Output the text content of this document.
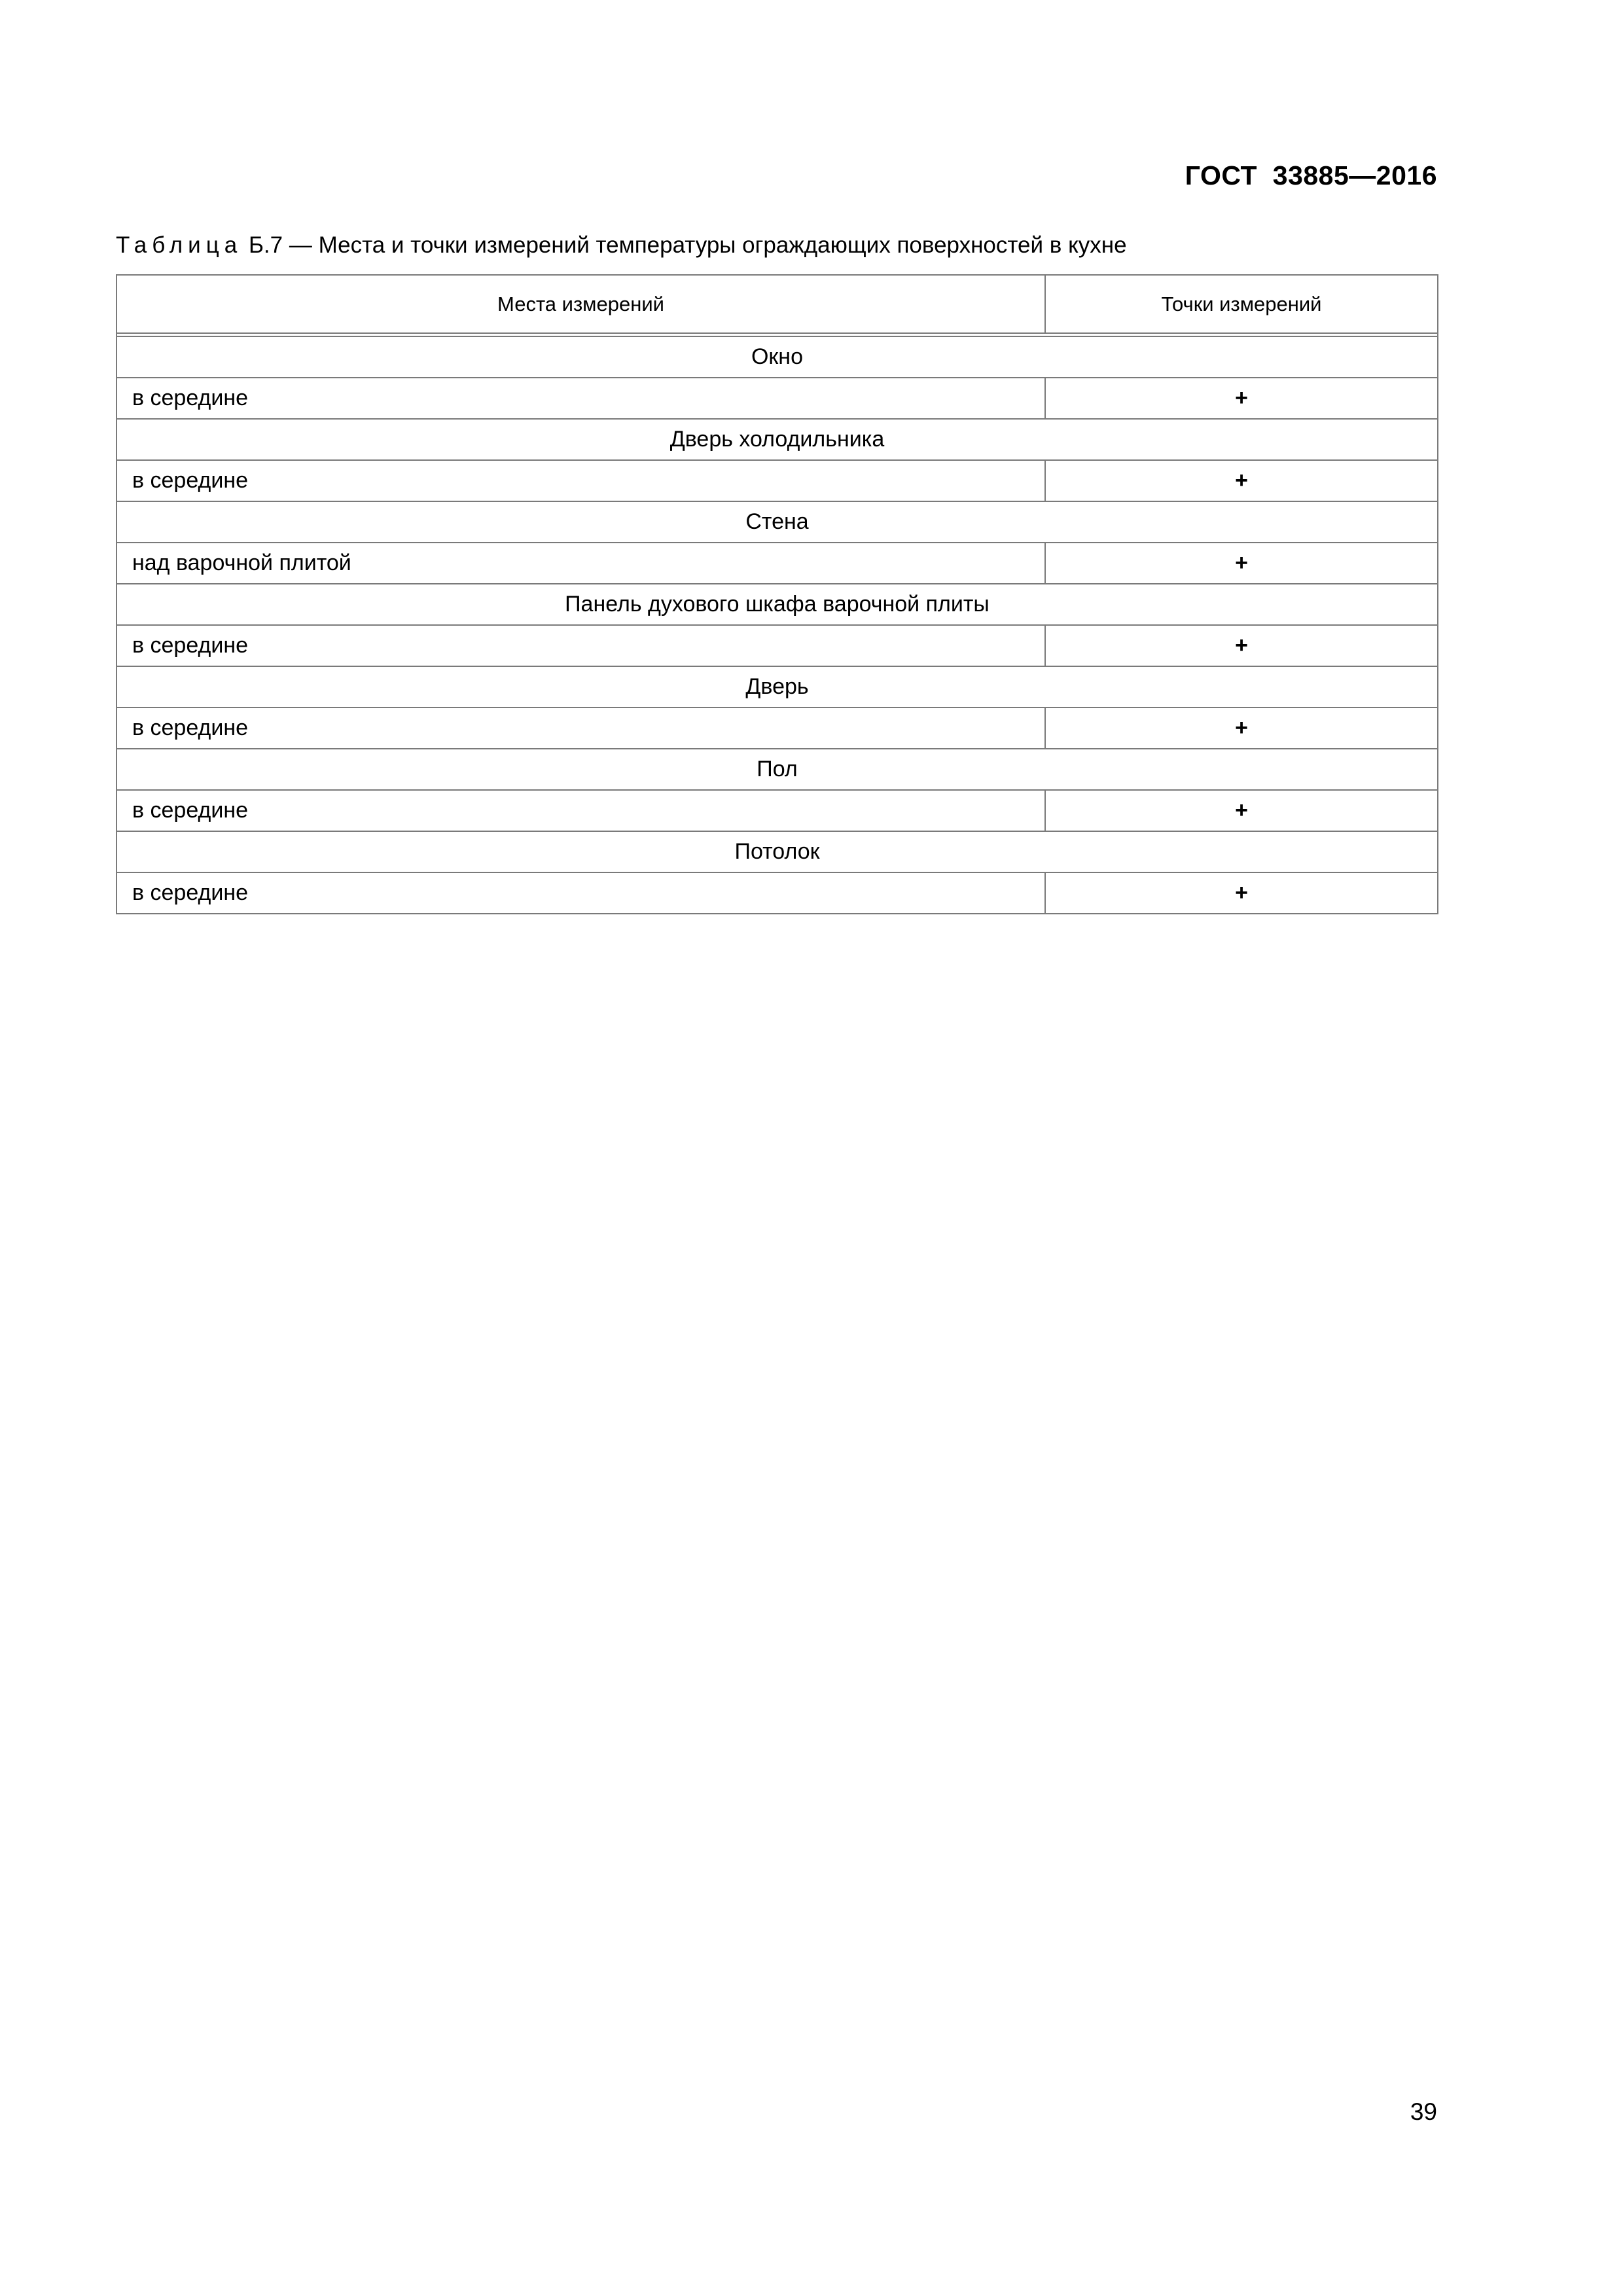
ГОСТ  33885—2016
Таблица Б.7 — Места и точки измерений температуры ограждающих поверхностей в кухне
Места измерений	Точки измерений

Окно	
в середине	+
Дверь холодильника	
в середине	+
Стена	
над варочной плитой	+
Панель духового шкафа варочной плиты	
в середине	+
Дверь	
в середине	+
Пол	
в середине	+
Потолок	
в середине	+
39
